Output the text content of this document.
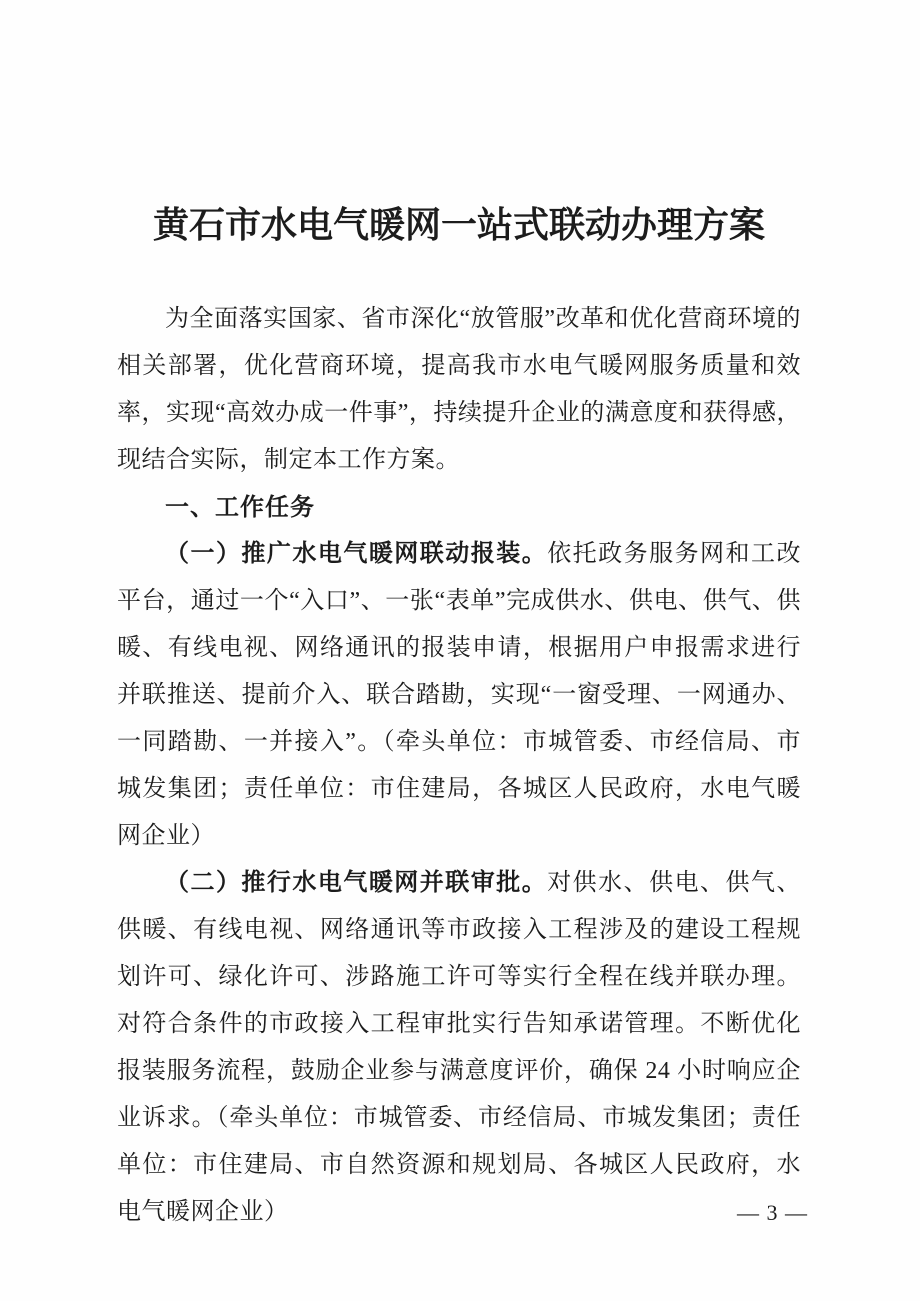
黄石市水电气暖网一站式联动办理方案

为全面落实国家、省市深化“放管服”改革和优化营商环境的相关部署，优化营商环境，提高我市水电气暖网服务质量和效率，实现“高效办成一件事”，持续提升企业的满意度和获得感，现结合实际，制定本工作方案。

一、工作任务

（一）推广水电气暖网联动报装。依托政务服务网和工改平台，通过一个“入口”、一张“表单”完成供水、供电、供气、供暖、有线电视、网络通讯的报装申请，根据用户申报需求进行并联推送、提前介入、联合踏勘，实现“一窗受理、一网通办、一同踏勘、一并接入”。（牵头单位：市城管委、市经信局、市城发集团；责任单位：市住建局，各城区人民政府，水电气暖网企业）

（二）推行水电气暖网并联审批。对供水、供电、供气、供暖、有线电视、网络通讯等市政接入工程涉及的建设工程规划许可、绿化许可、涉路施工许可等实行全程在线并联办理。对符合条件的市政接入工程审批实行告知承诺管理。不断优化报装服务流程，鼓励企业参与满意度评价，确保 24 小时响应企业诉求。（牵头单位：市城管委、市经信局、市城发集团；责任单位：市住建局、市自然资源和规划局、各城区人民政府，水电气暖网企业）	— 3 —
